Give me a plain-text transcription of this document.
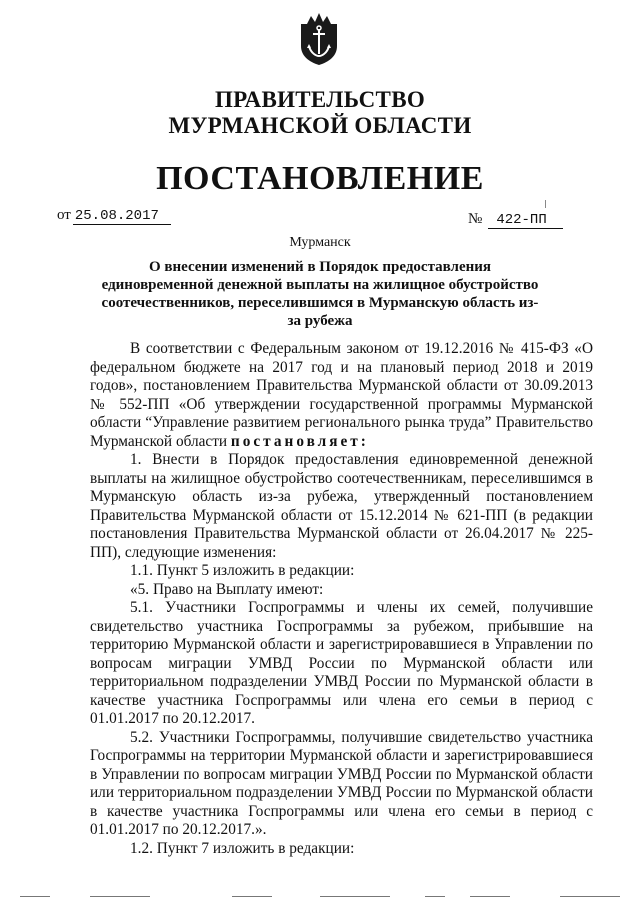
ПРАВИТЕЛЬСТВО
МУРМАНСКОЙ ОБЛАСТИ
ПОСТАНОВЛЕНИЕ
от 25.08.2017	№ 422-ПП
Мурманск
О внесении изменений в Порядок предоставления единовременной денежной выплаты на жилищное обустройство соотечественников, переселившимся в Мурманскую область из-за рубежа

В соответствии с Федеральным законом от 19.12.2016 № 415-ФЗ «О федеральном бюджете на 2017 год и на плановый период 2018 и 2019 годов», постановлением Правительства Мурманской области от 30.09.2013 № 552-ПП «Об утверждении государственной программы Мурманской области “Управление развитием регионального рынка труда” Правительство Мурманской области постановляет:

1. Внести в Порядок предоставления единовременной денежной выплаты на жилищное обустройство соотечественникам, переселившимся в Мурманскую область из-за рубежа, утвержденный постановлением Правительства Мурманской области от 15.12.2014 № 621-ПП (в редакции постановления Правительства Мурманской области от 26.04.2017 № 225-ПП), следующие изменения:

1.1. Пункт 5 изложить в редакции:

«5. Право на Выплату имеют:

5.1. Участники Госпрограммы и члены их семей, получившие свидетельство участника Госпрограммы за рубежом, прибывшие на территорию Мурманской области и зарегистрировавшиеся в Управлении по вопросам миграции УМВД России по Мурманской области или территориальном подразделении УМВД России по Мурманской области в качестве участника Госпрограммы или члена его семьи в период с 01.01.2017 по 20.12.2017.

5.2. Участники Госпрограммы, получившие свидетельство участника Госпрограммы на территории Мурманской области и зарегистрировавшиеся в Управлении по вопросам миграции УМВД России по Мурманской области или территориальном подразделении УМВД России по Мурманской области в качестве участника Госпрограммы или члена его семьи в период с 01.01.2017 по 20.12.2017.».

1.2. Пункт 7 изложить в редакции:
